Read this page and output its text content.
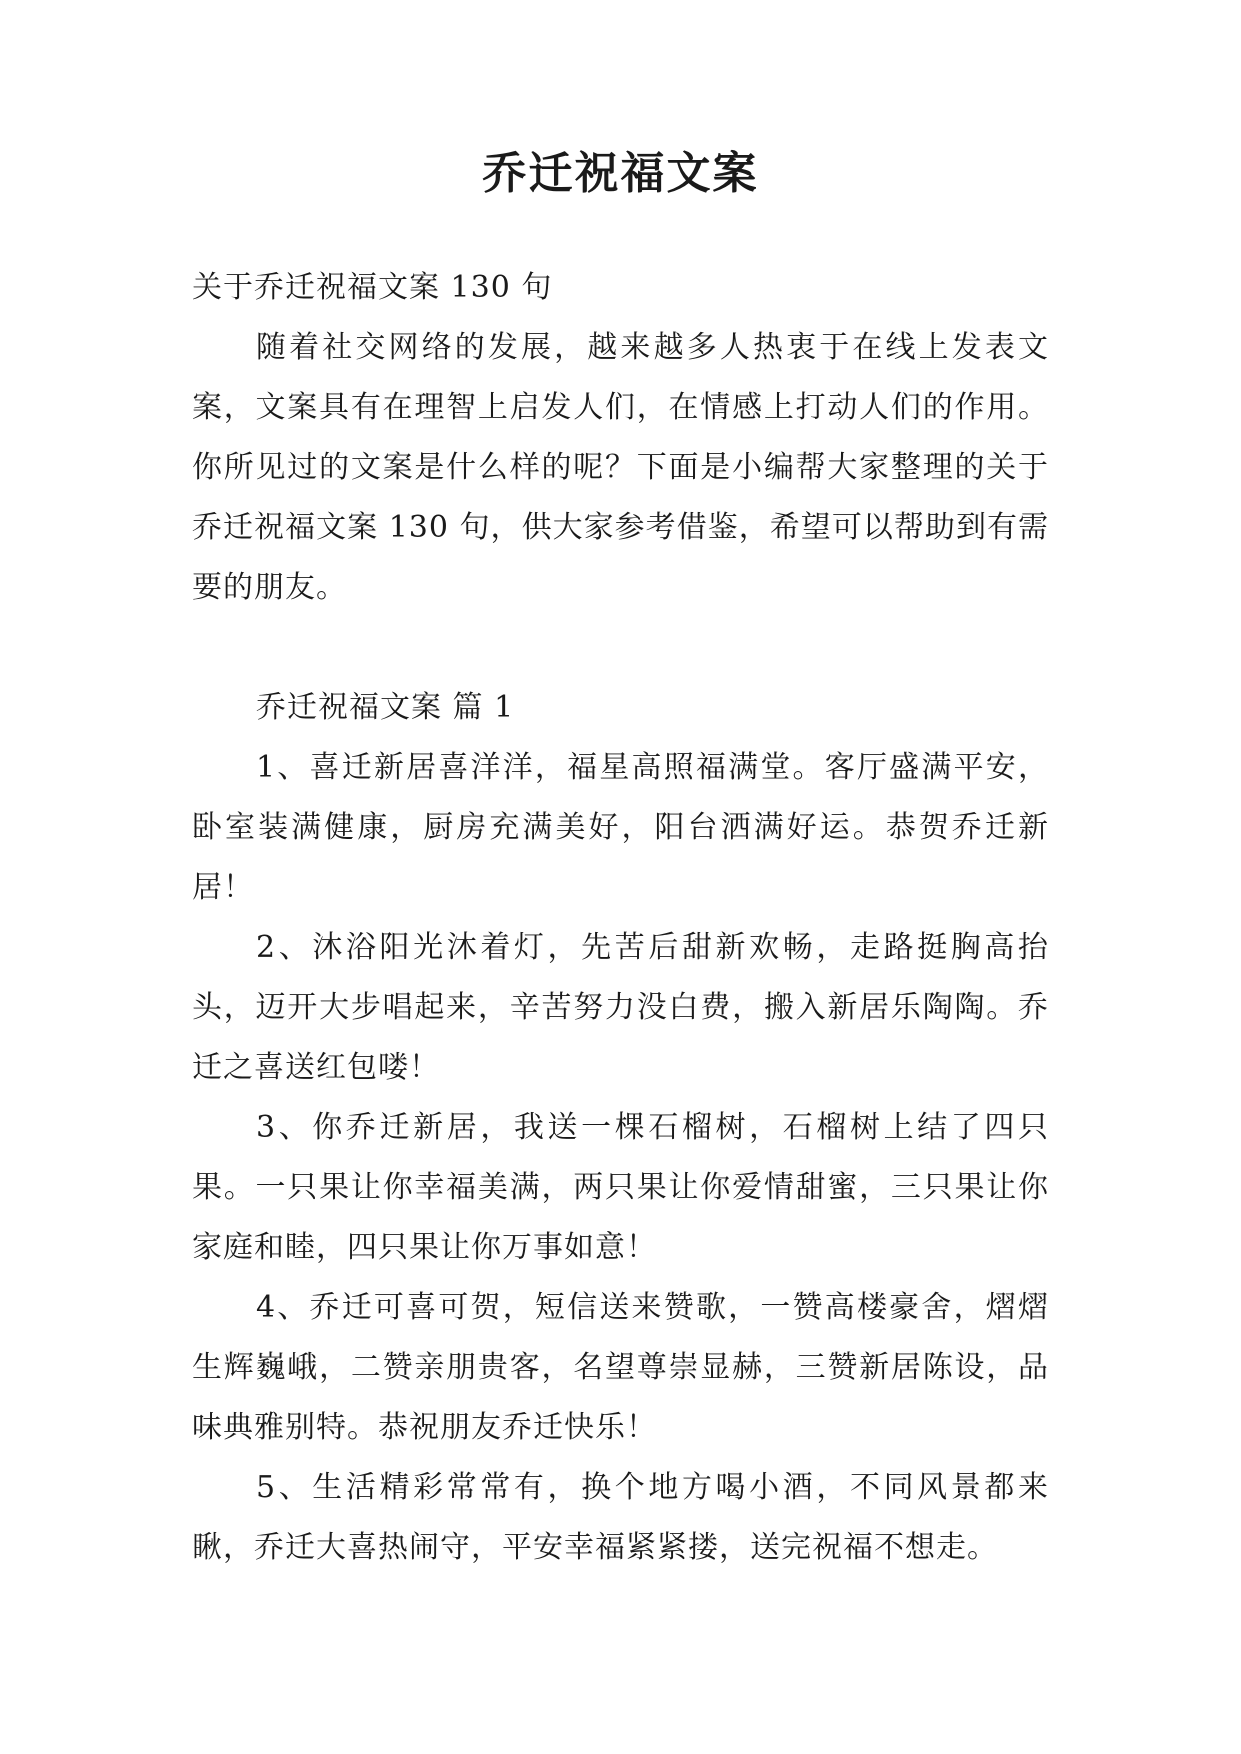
乔迁祝福文案

关于乔迁祝福文案 130 句

随着社交网络的发展，越来越多人热衷于在线上发表文案，文案具有在理智上启发人们，在情感上打动人们的作用。你所见过的文案是什么样的呢？下面是小编帮大家整理的关于乔迁祝福文案 130 句，供大家参考借鉴，希望可以帮助到有需要的朋友。

乔迁祝福文案 篇 1

1、喜迁新居喜洋洋，福星高照福满堂。客厅盛满平安，卧室装满健康，厨房充满美好，阳台洒满好运。恭贺乔迁新居！

2、沐浴阳光沐着灯，先苦后甜新欢畅，走路挺胸高抬头，迈开大步唱起来，辛苦努力没白费，搬入新居乐陶陶。乔迁之喜送红包喽！

3、你乔迁新居，我送一棵石榴树，石榴树上结了四只果。一只果让你幸福美满，两只果让你爱情甜蜜，三只果让你家庭和睦，四只果让你万事如意！

4、乔迁可喜可贺，短信送来赞歌，一赞高楼豪舍，熠熠生辉巍峨，二赞亲朋贵客，名望尊崇显赫，三赞新居陈设，品味典雅别特。恭祝朋友乔迁快乐！

5、生活精彩常常有，换个地方喝小酒，不同风景都来瞅，乔迁大喜热闹守，平安幸福紧紧搂，送完祝福不想走。
